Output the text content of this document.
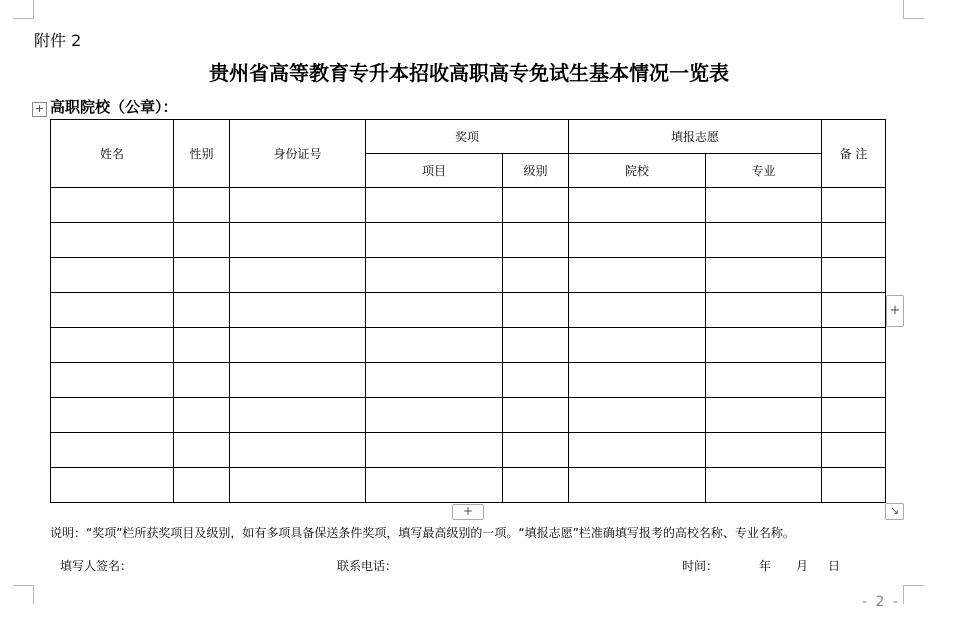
附件 2
贵州省高等教育专升本招收高职高专免试生基本情况一览表
+ 高职院校（公章）：
姓名	性别	身份证号	奖项		填报志愿		备 注
			项目	级别	院校	专业	

+
+	↘
说明：“奖项”栏所获奖项目及级别，如有多项具备保送条件奖项，填写最高级别的一项。“填报志愿”栏准确填写报考的高校名称、专业名称。
填写人签名：	联系电话：	时间：	年 月 日
- 2 -
